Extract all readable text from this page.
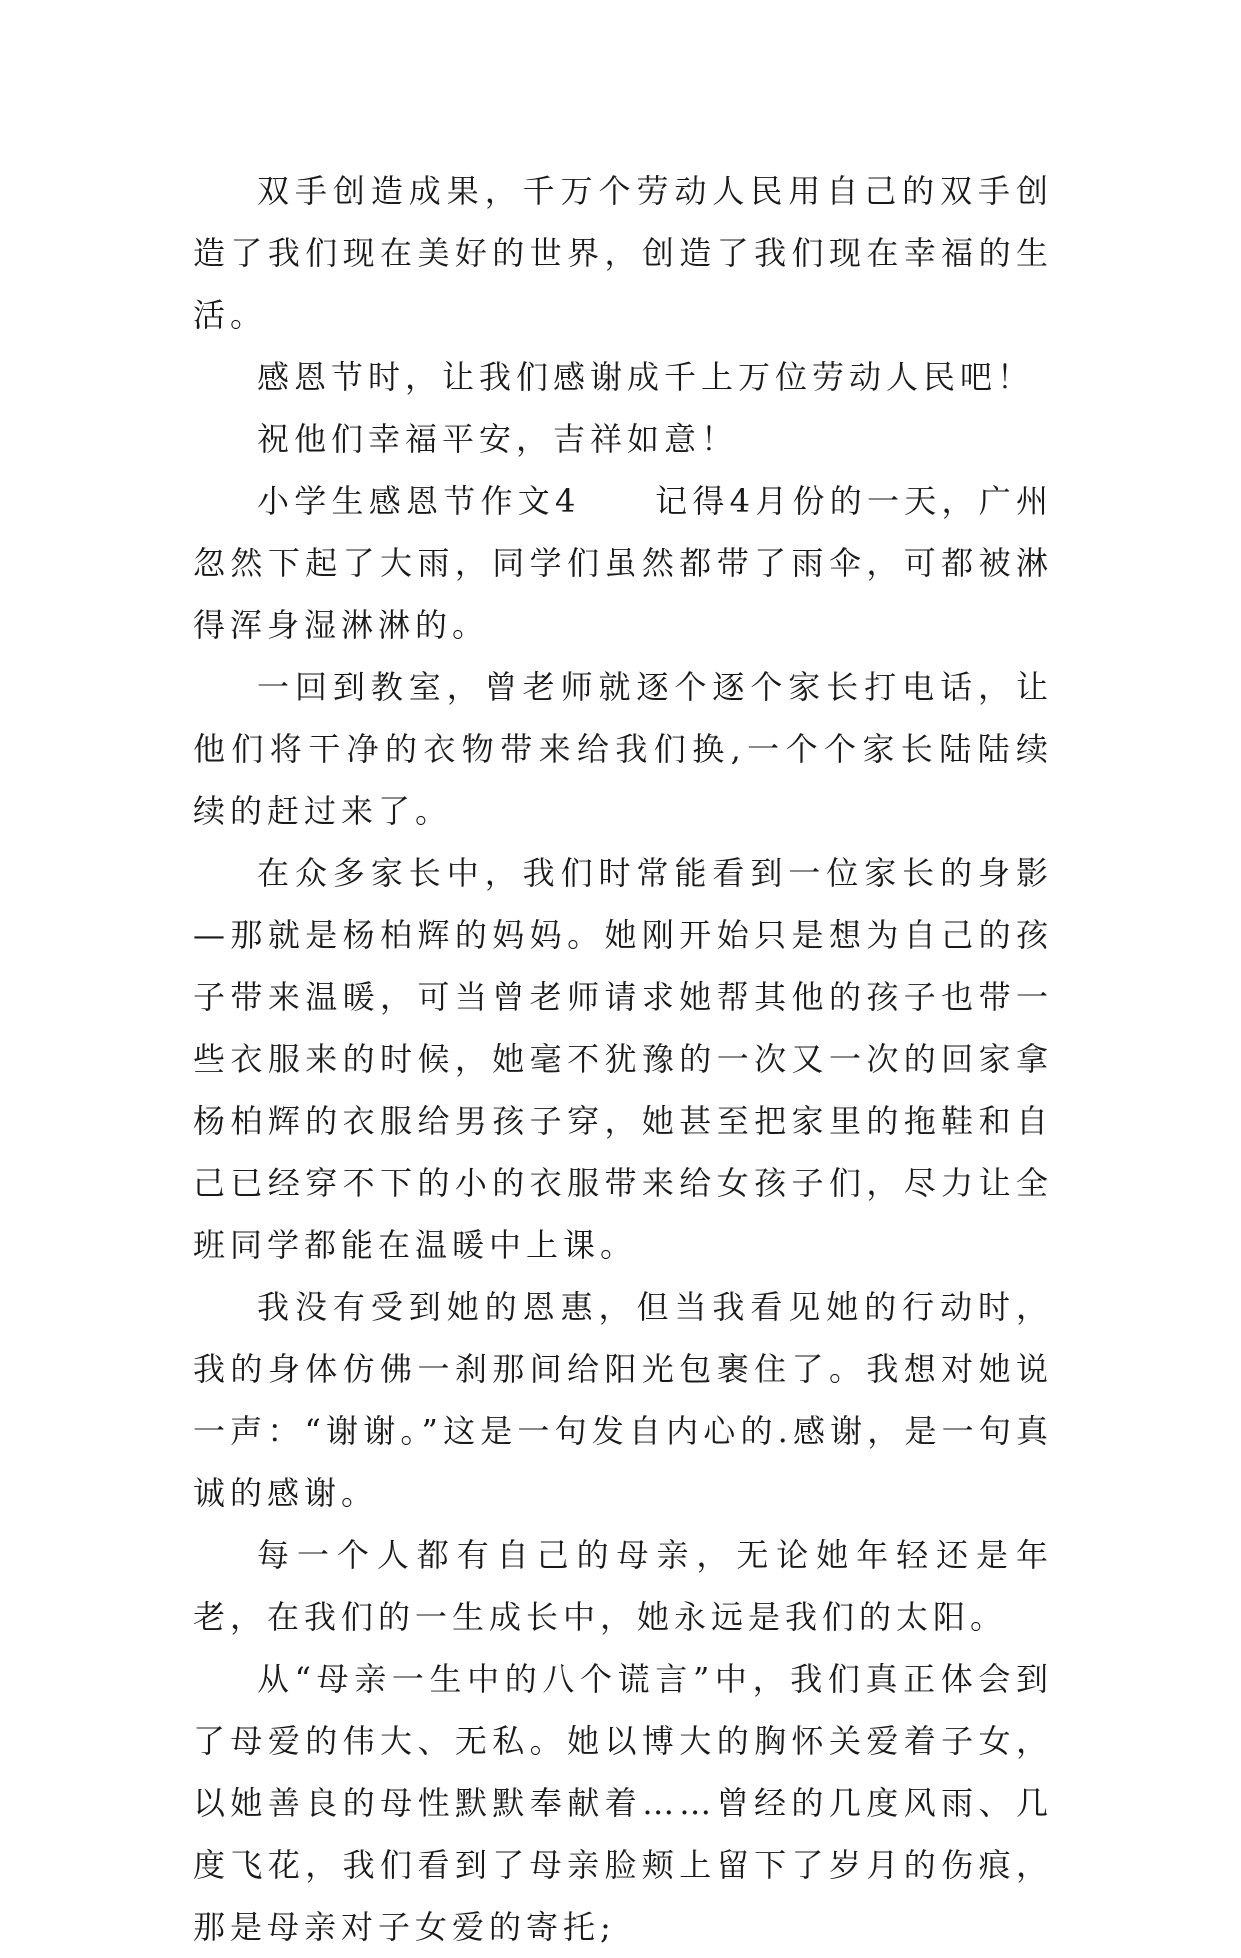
双手创造成果，千万个劳动人民用自己的双手创造了我们现在美好的世界，创造了我们现在幸福的生活。

感恩节时，让我们感谢成千上万位劳动人民吧！

祝他们幸福平安，吉祥如意！

小学生感恩节作文4　　记得4月份的一天，广州忽然下起了大雨，同学们虽然都带了雨伞，可都被淋得浑身湿淋淋的。

一回到教室，曾老师就逐个逐个家长打电话，让他们将干净的衣物带来给我们换,一个个家长陆陆续续的赶过来了。

在众多家长中，我们时常能看到一位家长的身影—那就是杨柏辉的妈妈。她刚开始只是想为自己的孩子带来温暖，可当曾老师请求她帮其他的孩子也带一些衣服来的时候，她毫不犹豫的一次又一次的回家拿杨柏辉的衣服给男孩子穿，她甚至把家里的拖鞋和自己已经穿不下的小的衣服带来给女孩子们，尽力让全班同学都能在温暖中上课。

我没有受到她的恩惠，但当我看见她的行动时，我的身体仿佛一刹那间给阳光包裹住了。我想对她说一声：“谢谢。”这是一句发自内心的.感谢，是一句真诚的感谢。

每一个人都有自己的母亲，无论她年轻还是年老，在我们的一生成长中，她永远是我们的太阳。

从“母亲一生中的八个谎言”中，我们真正体会到了母爱的伟大、无私。她以博大的胸怀关爱着子女，以她善良的母性默默奉献着……曾经的几度风雨、几度飞花，我们看到了母亲脸颊上留下了岁月的伤痕，那是母亲对子女爱的寄托;
